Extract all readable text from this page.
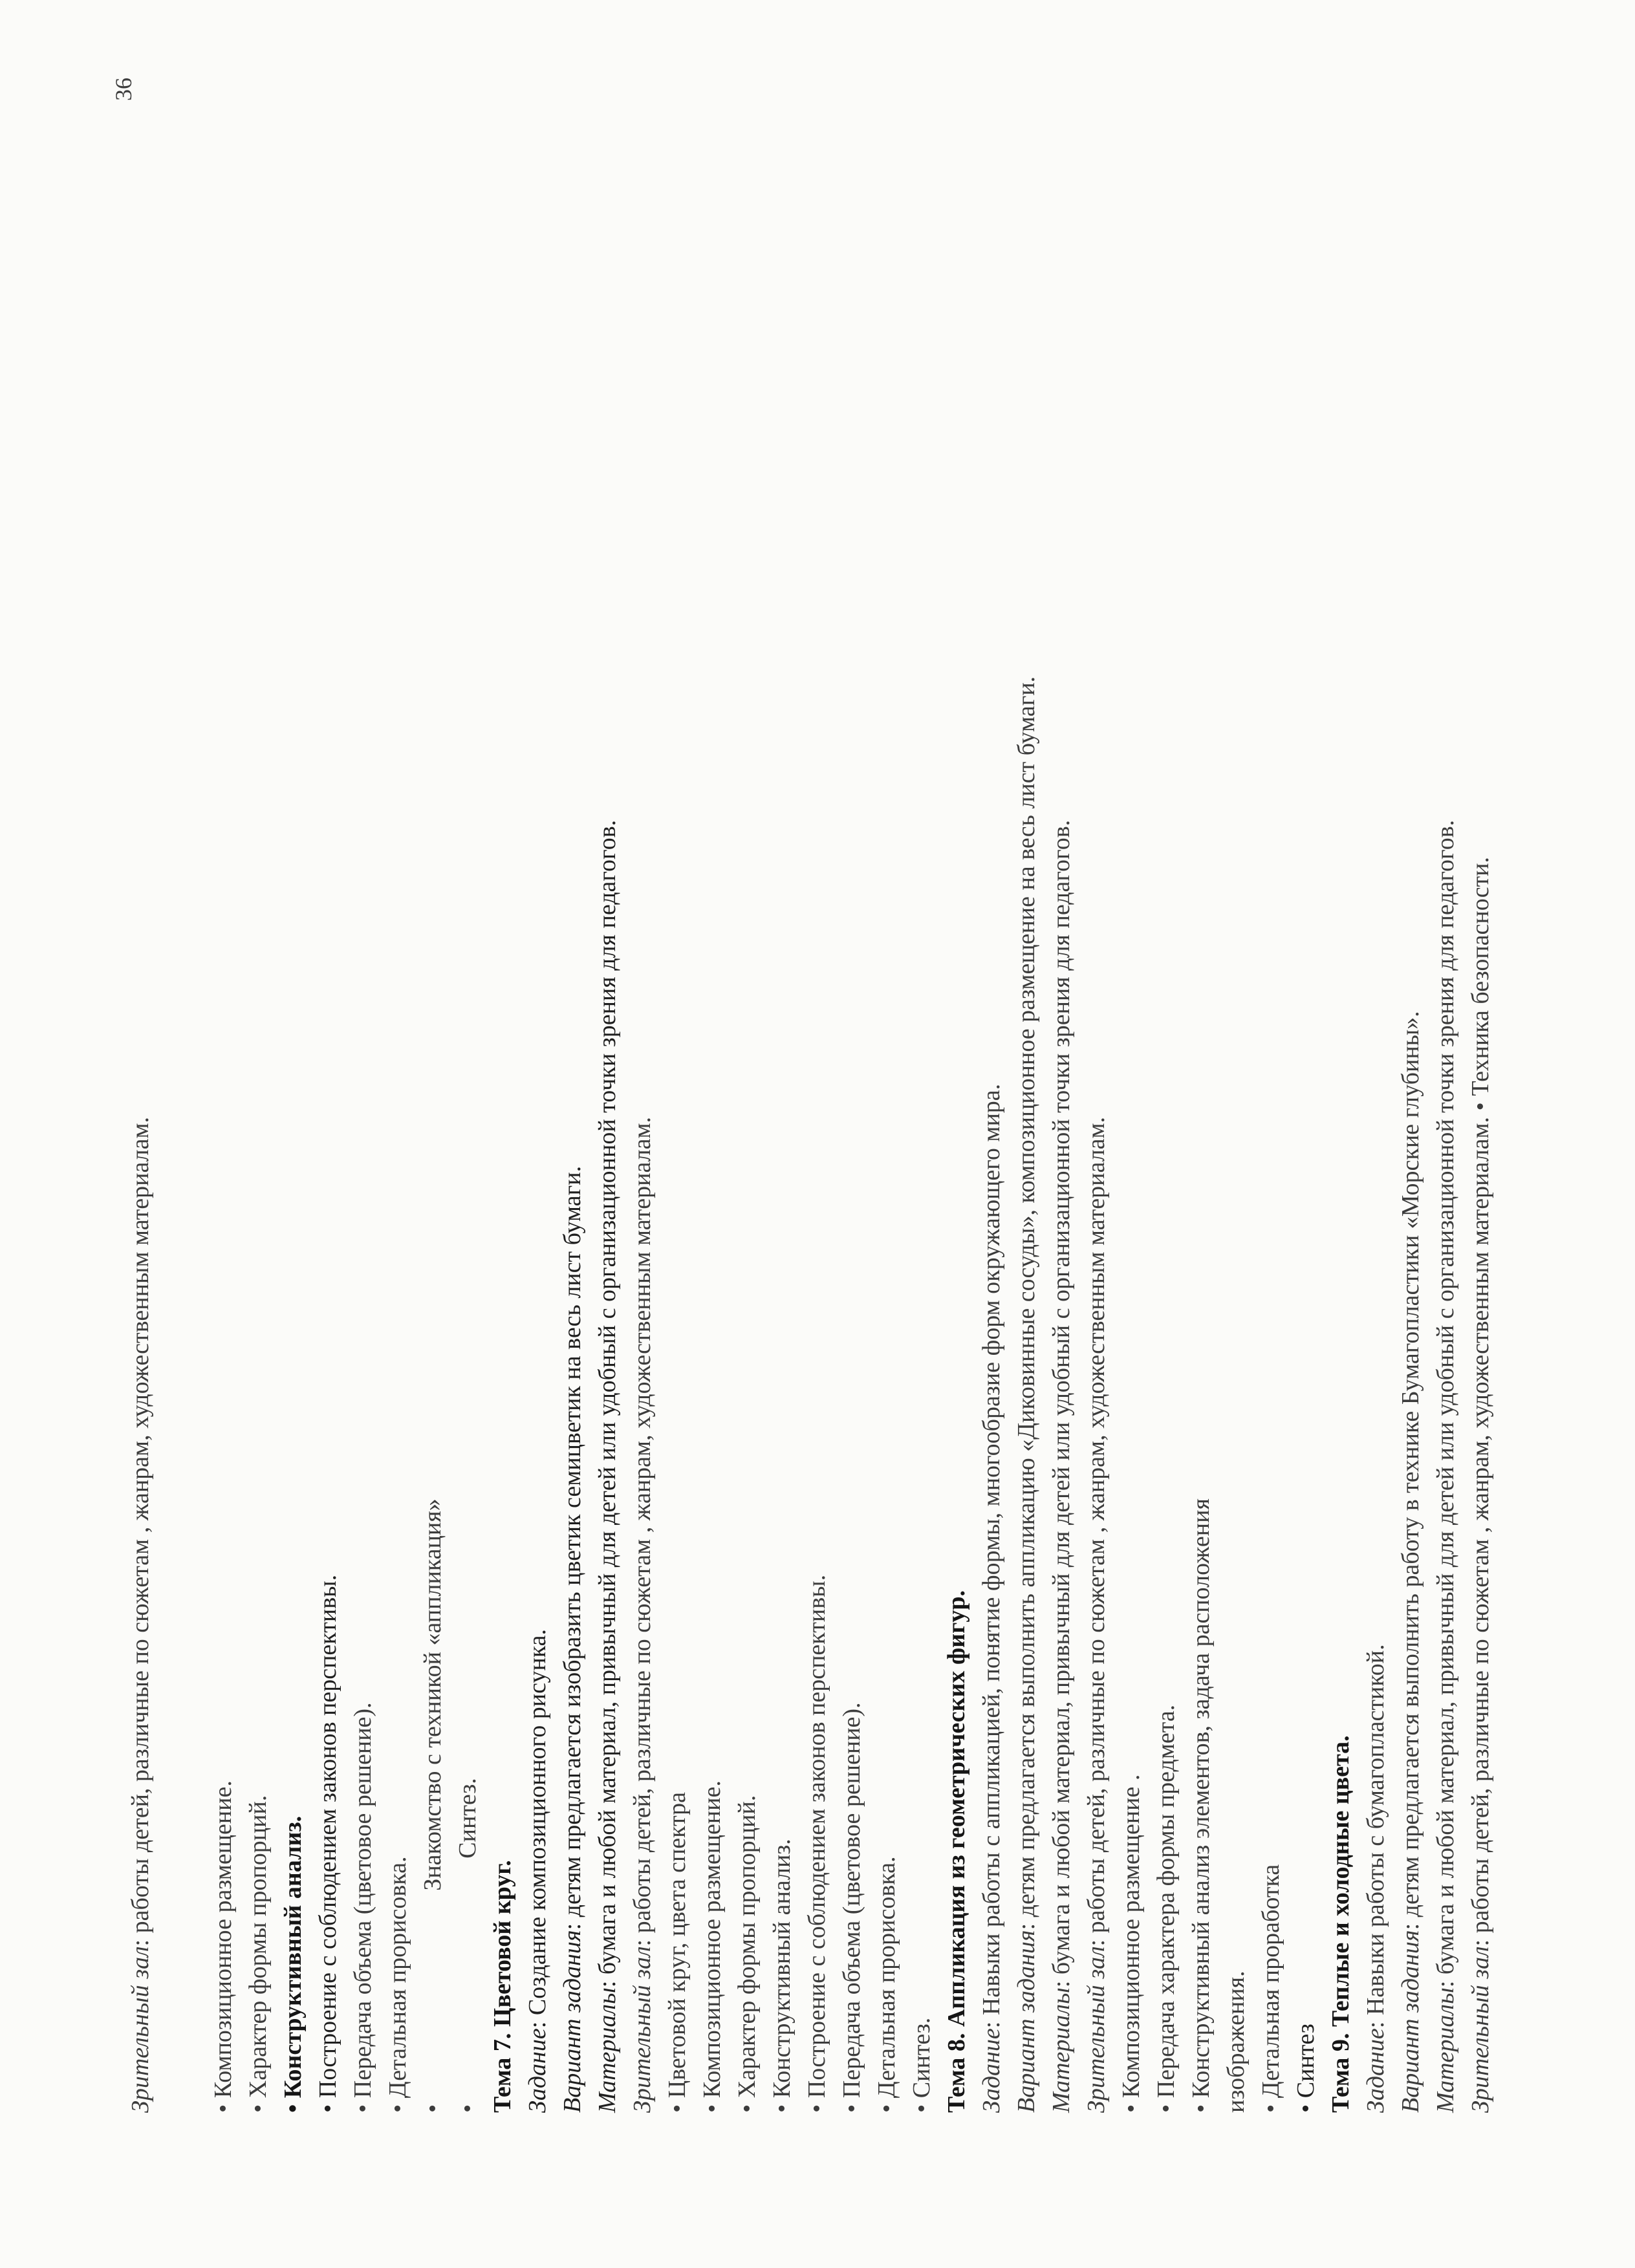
Зрительный зал: работы детей, различные по сюжетам , жанрам, художественным материалам. • Композиционное размещение. • Характер формы пропорций. • Конструктивный анализ. • Построение с соблюдением законов перспективы. • Передача объема (цветовое решение). • Детальная прорисовка.
•Знакомство с техникой «аппликация»
•Синтез.
Тема 7. Цветовой круг. Задание: Создание композиционного рисунка. Вариант задания: детям предлагается изобразить цветик семицветик на весь лист бумаги.
Материалы: бумага и любой материал, привычный для детей или удобный с организационной точки зрения для педагогов.
Зрительный зал: работы детей, различные по сюжетам , жанрам, художественным материалам. • Цветовой круг, цвета спектра • Композиционное размещение. • Характер формы пропорций. • Конструктивный анализ. • Построение с соблюдением законов перспективы. • Передача объема (цветовое решение). • Детальная прорисовка. • Синтез. Тема 8. Аппликация из геометрических фигур. Задание: Навыки работы с аппликацией, понятие формы, многообразие форм окружающего мира. Вариант задания: детям предлагается выполнить аппликацию «Диковинные сосуды», композиционное размещение на весь лист бумаги.
Материалы: бумага и любой материал, привычный для детей или удобный с организационной точки зрения для педагогов.
Зрительный зал: работы детей, различные по сюжетам , жанрам, художественным материалам. • Композиционное размещение . • Передача характера формы предмета. • Конструктивный анализ элементов, задача расположения изображения. • Детальная проработка • Синтез Тема 9. Теплые и холодные цвета. Задание: Навыки работы с бумагопластикой. Вариант задания: детям предлагается выполнить работу в технике Бумагопластики «Морские глубины».
Материалы: бумага и любой материал, привычный для детей или удобный с организационной точки зрения для педагогов.
Зрительный зал: работы детей, различные по сюжетам , жанрам, художественным материалам. • Техника безопасности.
36
